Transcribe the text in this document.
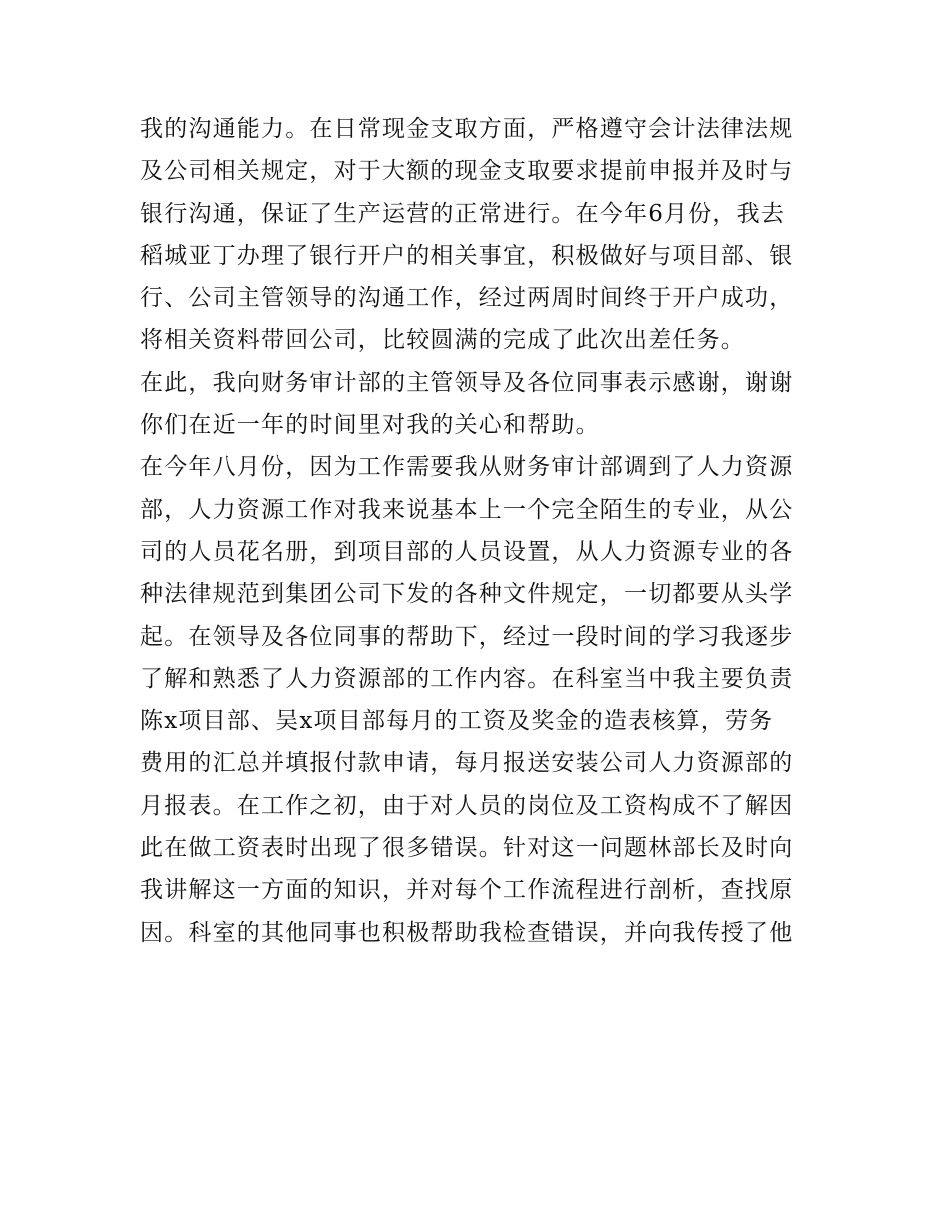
我的沟通能力。在日常现金支取方面，严格遵守会计法律法规
及公司相关规定，对于大额的现金支取要求提前申报并及时与
银行沟通，保证了生产运营的正常进行。在今年6月份，我去
稻城亚丁办理了银行开户的相关事宜，积极做好与项目部、银
行、公司主管领导的沟通工作，经过两周时间终于开户成功，
将相关资料带回公司，比较圆满的完成了此次出差任务。
在此，我向财务审计部的主管领导及各位同事表示感谢，谢谢
你们在近一年的时间里对我的关心和帮助。
在今年八月份，因为工作需要我从财务审计部调到了人力资源
部，人力资源工作对我来说基本上一个完全陌生的专业，从公
司的人员花名册，到项目部的人员设置，从人力资源专业的各
种法律规范到集团公司下发的各种文件规定，一切都要从头学
起。在领导及各位同事的帮助下，经过一段时间的学习我逐步
了解和熟悉了人力资源部的工作内容。在科室当中我主要负责
陈x项目部、吴x项目部每月的工资及奖金的造表核算，劳务
费用的汇总并填报付款申请，每月报送安装公司人力资源部的
月报表。在工作之初，由于对人员的岗位及工资构成不了解因
此在做工资表时出现了很多错误。针对这一问题林部长及时向
我讲解这一方面的知识，并对每个工作流程进行剖析，查找原
因。科室的其他同事也积极帮助我检查错误，并向我传授了他
